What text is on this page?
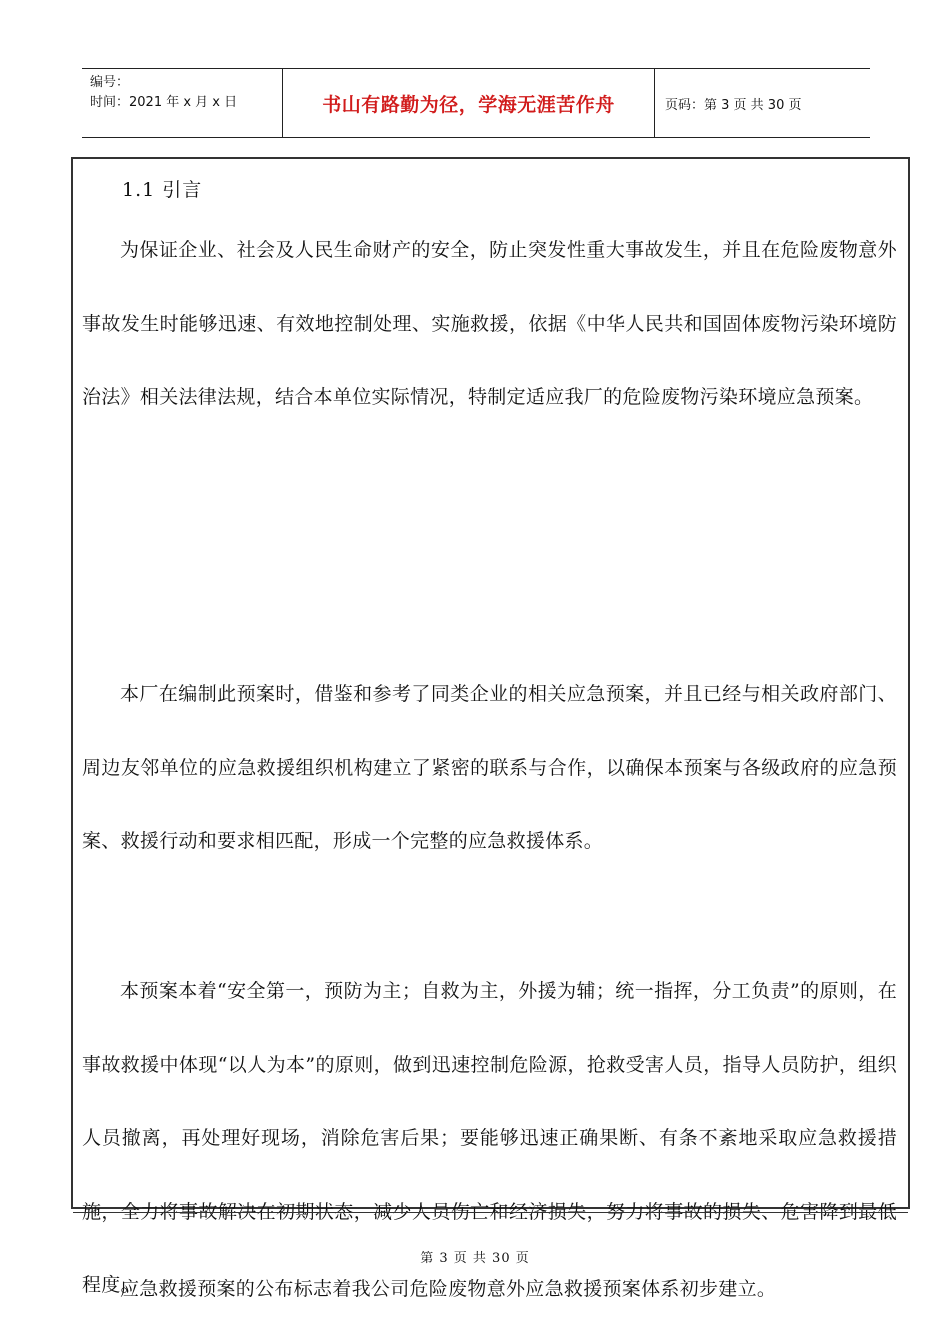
编号：
时间：2021 年 x 月 x 日	书山有路勤为径，学海无涯苦作舟	页码：第 3 页 共 30 页
1.1 引言

为保证企业、社会及人民生命财产的安全，防止突发性重大事故发生，并且在危险废物意外事故发生时能够迅速、有效地控制处理、实施救援，依据《中华人民共和国固体废物污染环境防治法》相关法律法规，结合本单位实际情况，特制定适应我厂的危险废物污染环境应急预案。

本厂在编制此预案时，借鉴和参考了同类企业的相关应急预案，并且已经与相关政府部门、周边友邻单位的应急救援组织机构建立了紧密的联系与合作，以确保本预案与各级政府的应急预案、救援行动和要求相匹配，形成一个完整的应急救援体系。

本预案本着“安全第一，预防为主；自救为主，外援为辅；统一指挥，分工负责”的原则，在事故救援中体现“以人为本”的原则，做到迅速控制危险源，抢救受害人员，指导人员防护，组织人员撤离，再处理好现场，消除危害后果；要能够迅速正确果断、有条不紊地采取应急救援措施，全力将事故解决在初期状态，减少人员伤亡和经济损失，努力将事故的损失、危害降到最低程度。

应急救援预案的公布标志着我公司危险废物意外应急救援预案体系初步建立。

第 3 页 共 30 页
